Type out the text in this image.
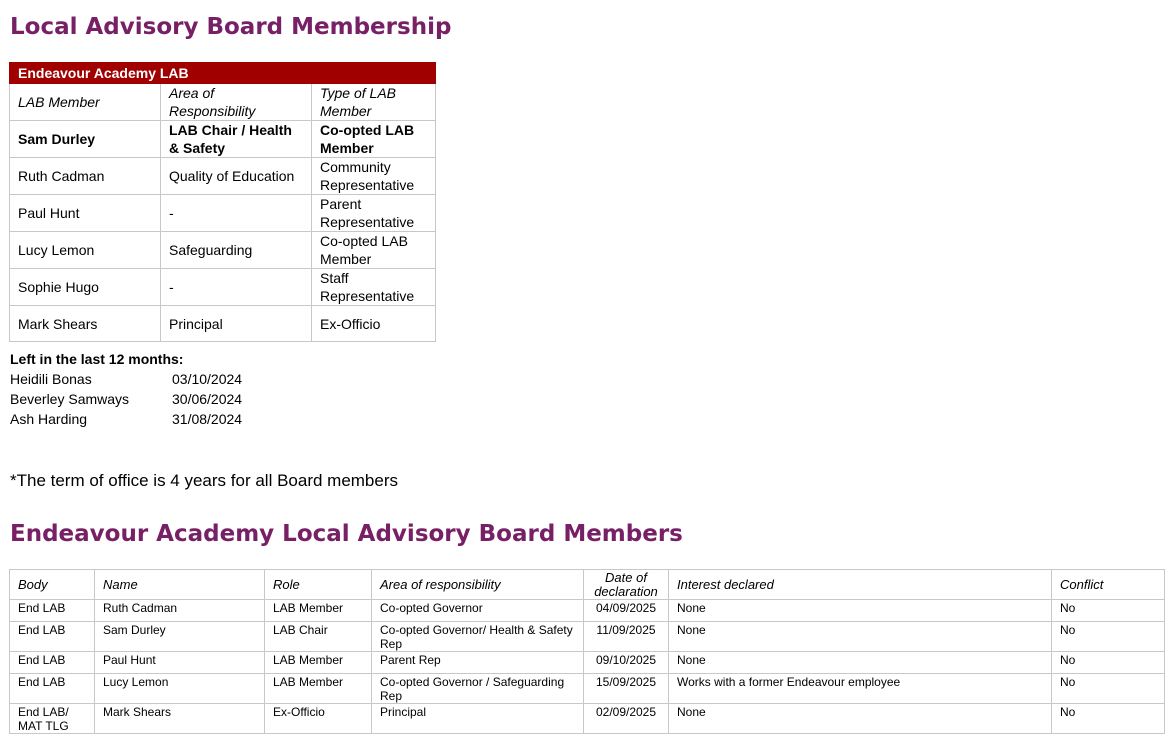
Local Advisory Board Membership
Endeavour Academy LAB		
LAB Member	Area of Responsibility	Type of LAB Member
Sam Durley	LAB Chair / Health & Safety	Co-opted LAB Member
Ruth Cadman	Quality of Education	Community Representative
Paul Hunt	-	Parent Representative
Lucy Lemon	Safeguarding	Co-opted LAB Member
Sophie Hugo	-	Staff Representative
Mark Shears	Principal	Ex-Officio
Left in the last 12 months:
Heidili Bonas	03/10/2024
Beverley Samways	30/06/2024
Ash Harding	31/08/2024
*The term of office is 4 years for all Board members
Endeavour Academy Local Advisory Board Members
Body	Name	Role	Area of responsibility	Date of declaration	Interest declared	Conflict
End LAB	Ruth Cadman	LAB Member	Co-opted Governor	04/09/2025	None	No
End LAB	Sam Durley	LAB Chair	Co-opted Governor/ Health & Safety Rep	11/09/2025	None	No
End LAB	Paul Hunt	LAB Member	Parent Rep	09/10/2025	None	No
End LAB	Lucy Lemon	LAB Member	Co-opted Governor / Safeguarding Rep	15/09/2025	Works with a former Endeavour employee	No
End LAB/ MAT TLG	Mark Shears	Ex-Officio	Principal	02/09/2025	None	No
